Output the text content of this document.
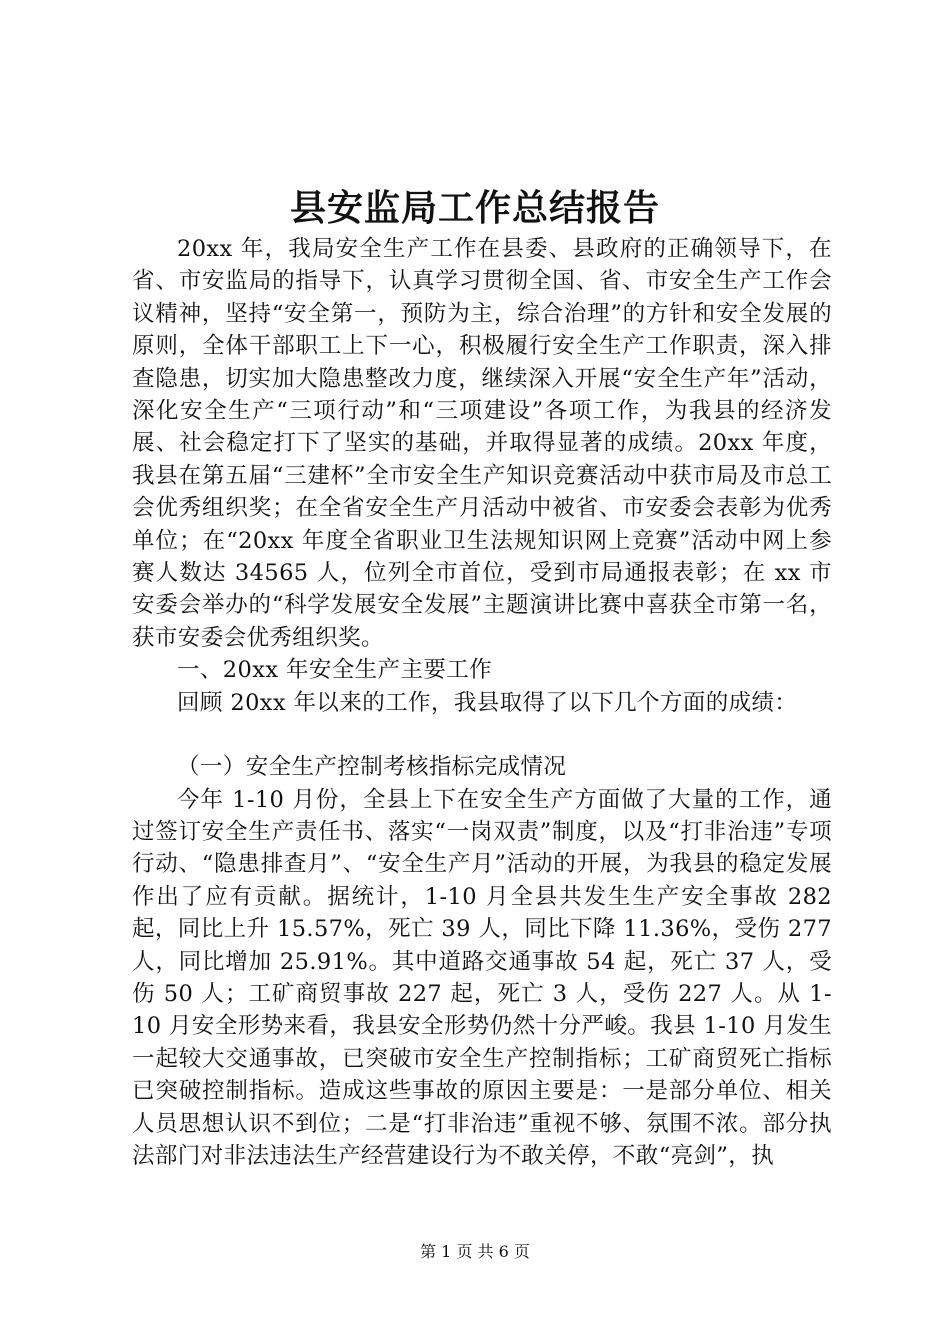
县安监局工作总结报告

20xx 年，我局安全生产工作在县委、县政府的正确领导下，在省、市安监局的指导下，认真学习贯彻全国、省、市安全生产工作会议精神，坚持“安全第一，预防为主，综合治理”的方针和安全发展的原则，全体干部职工上下一心，积极履行安全生产工作职责，深入排查隐患，切实加大隐患整改力度，继续深入开展“安全生产年”活动，深化安全生产“三项行动”和“三项建设”各项工作，为我县的经济发展、社会稳定打下了坚实的基础，并取得显著的成绩。20xx 年度，我县在第五届“三建杯”全市安全生产知识竞赛活动中获市局及市总工会优秀组织奖；在全省安全生产月活动中被省、市安委会表彰为优秀单位；在“20xx 年度全省职业卫生法规知识网上竞赛”活动中网上参赛人数达 34565 人，位列全市首位，受到市局通报表彰；在 xx 市安委会举办的“科学发展安全发展”主题演讲比赛中喜获全市第一名，获市安委会优秀组织奖。

一、20xx 年安全生产主要工作

回顾 20xx 年以来的工作，我县取得了以下几个方面的成绩：

（一）安全生产控制考核指标完成情况

今年 1-10 月份，全县上下在安全生产方面做了大量的工作，通过签订安全生产责任书、落实“一岗双责”制度，以及“打非治违”专项行动、“隐患排查月”、“安全生产月”活动的开展，为我县的稳定发展作出了应有贡献。据统计，1-10 月全县共发生生产安全事故 282 起，同比上升 15.57%，死亡 39 人，同比下降 11.36%，受伤 277 人，同比增加 25.91%。其中道路交通事故 54 起，死亡 37 人，受伤 50 人；工矿商贸事故 227 起，死亡 3 人，受伤 227 人。从 1-10 月安全形势来看，我县安全形势仍然十分严峻。我县 1-10 月发生一起较大交通事故，已突破市安全生产控制指标；工矿商贸死亡指标已突破控制指标。造成这些事故的原因主要是：一是部分单位、相关人员思想认识不到位；二是“打非治违”重视不够、氛围不浓。部分执法部门对非法违法生产经营建设行为不敢关停，不敢“亮剑”，执

第 1 页 共 6 页
